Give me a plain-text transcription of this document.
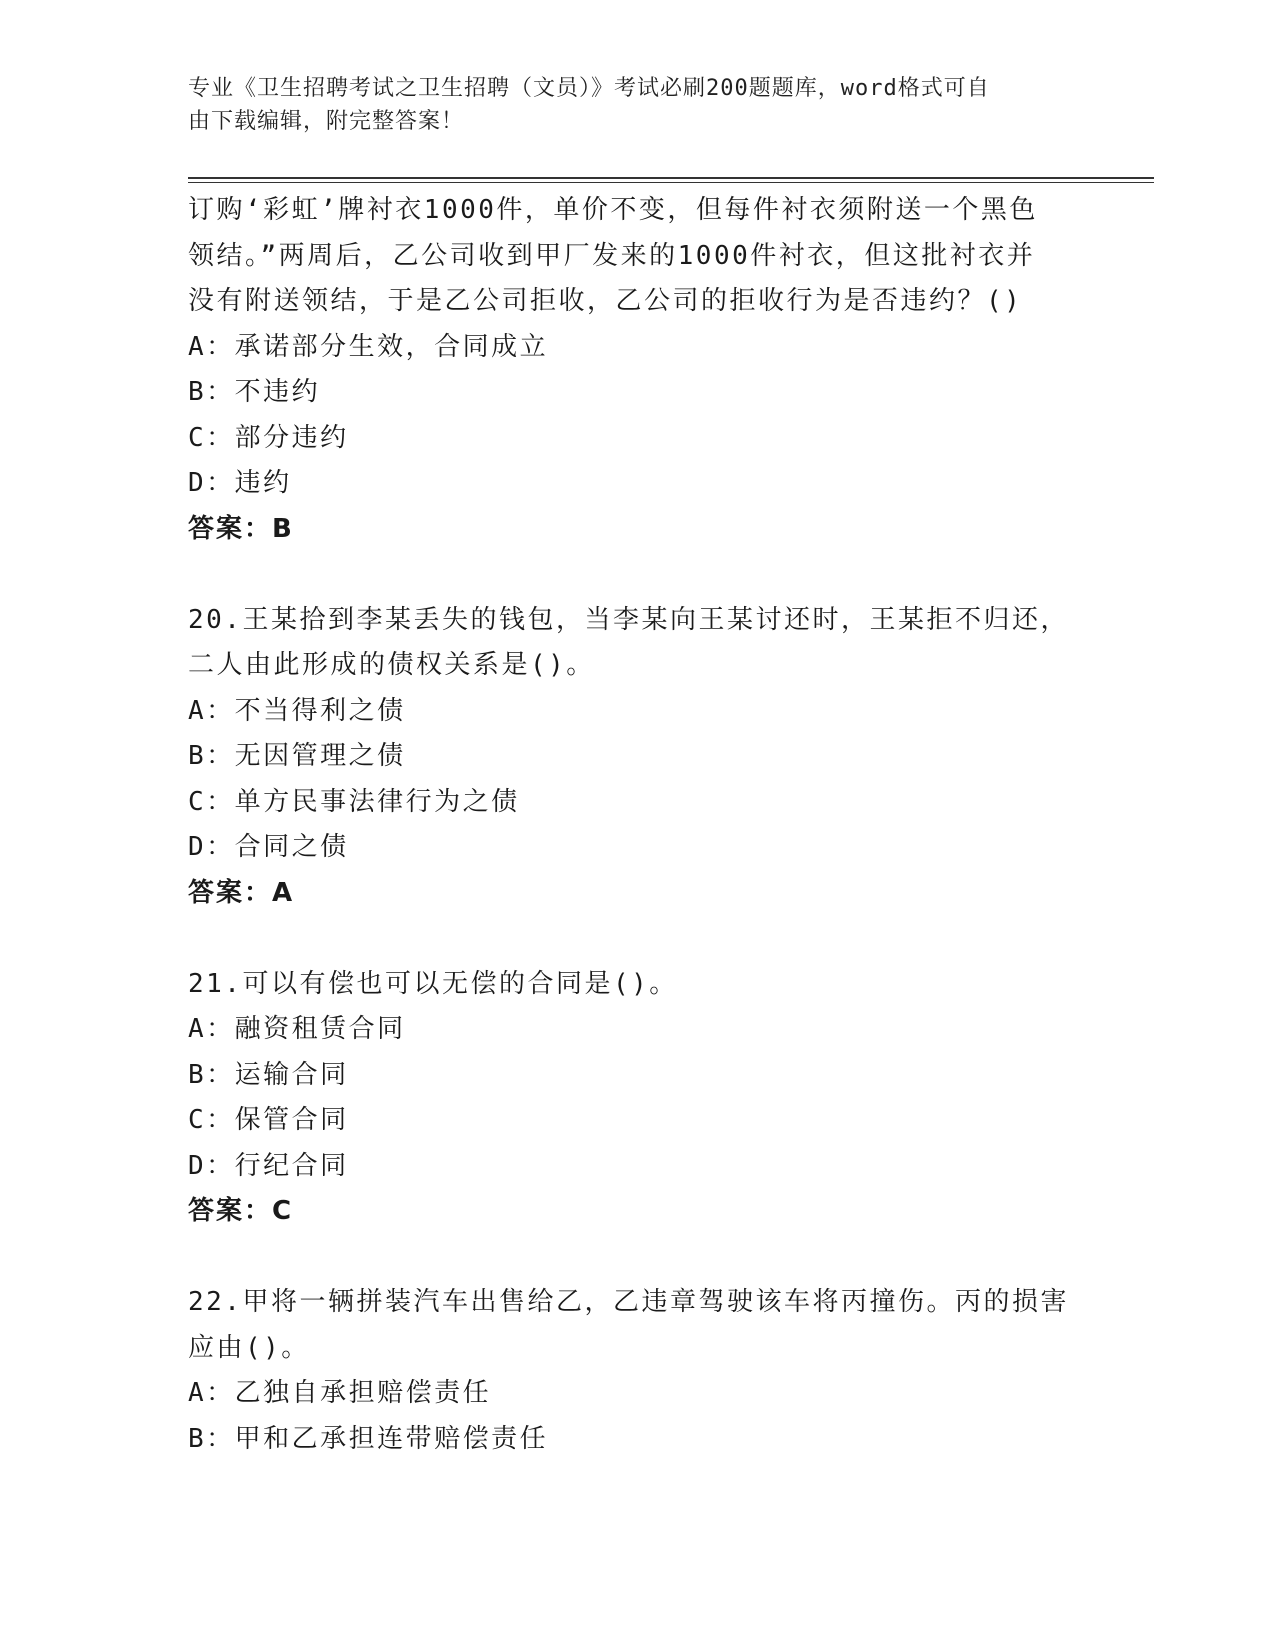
专业《卫生招聘考试之卫生招聘（文员）》考试必刷200题题库，word格式可自
由下载编辑，附完整答案！
订购‘彩虹’牌衬衣1000件，单价不变，但每件衬衣须附送一个黑色
领结。”两周后，乙公司收到甲厂发来的1000件衬衣，但这批衬衣并
没有附送领结，于是乙公司拒收，乙公司的拒收行为是否违约？()
A：承诺部分生效，合同成立
B：不违约
C：部分违约
D：违约
答案：B
20.王某拾到李某丢失的钱包，当李某向王某讨还时，王某拒不归还，
二人由此形成的债权关系是()。
A：不当得利之债
B：无因管理之债
C：单方民事法律行为之债
D：合同之债
答案：A
21.可以有偿也可以无偿的合同是()。
A：融资租赁合同
B：运输合同
C：保管合同
D：行纪合同
答案：C
22.甲将一辆拼装汽车出售给乙，乙违章驾驶该车将丙撞伤。丙的损害
应由()。
A：乙独自承担赔偿责任
B：甲和乙承担连带赔偿责任
